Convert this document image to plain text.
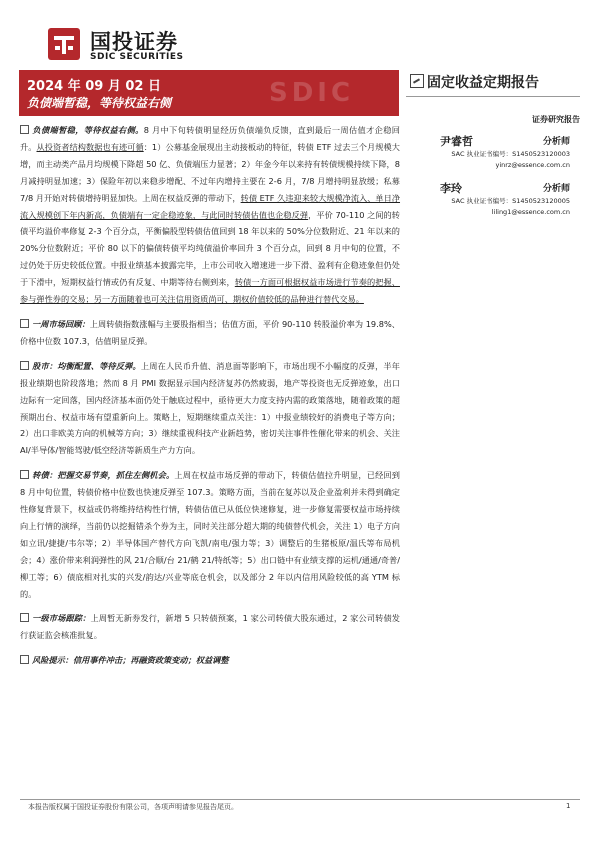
国投证券
SDIC SECURITIES
SDIC
2024 年 09 月 02 日
负债端暂稳，等待权益右侧
固定收益定期报告
证券研究报告
尹睿哲	分析师
SAC 执业证书编号：S1450523120003
yinrz@essence.com.cn
李玲	分析师
SAC 执业证书编号：S1450523120005
liling1@essence.com.cn

负债端暂稳，等待权益右侧。8 月中下旬转债明显经历负债端负反馈，直到最后一周估值才企稳回升。从投资者结构数据也有迹可循：1）公募基金展现出主动接板动的特征，转债 ETF 过去三个月规模大增，而主动类产品月均规模下降超 50 亿、负债端压力显著；2）年金今年以来持有转债规模持续下降，8 月减持明显加速；3）保险年初以来稳步增配、不过年内增持主要在 2-6 月，7/8 月增持明显放缓；私募 7/8 月开始对转债增持明显加快。上周在权益反弹的带动下，转债 ETF 久违迎来较大规模净流入、单日净流入规模创下年内新高，负债端有一定企稳迹象，与此同时转债估值也企稳反弹，平价 70-110 之间的转债平均溢价率修复 2-3 个百分点，平衡偏股型转债估值回到 18 年以来的 50%分位数附近、21 年以来的 20%分位数附近；平价 80 以下的偏债转债平均纯债溢价率回升 3 个百分点，回到 8 月中旬的位置，不过仍处于历史较低位置。中报业绩基本披露完毕，上市公司收入增速进一步下滑、盈利有企稳迹象但仍处于下滑中，短期权益行情或仍有反复、中期等待右侧到来，转债一方面可根据权益市场进行节奏的把握、参与弹性券的交易；另一方面随着也可关注信用资质尚可、期权价值较低的品种进行替代交易。

一周市场回顾：上周转债指数涨幅与主要股指相当；估值方面，平价 90-110 转股溢价率为 19.8%、价格中位数 107.3，估值明显反弹。

股市：均衡配置、等待反弹。上周在人民币升值、消息面等影响下，市场出现不小幅度的反弹，半年报业绩期也阶段落地；然而 8 月 PMI 数据显示国内经济复苏仍然疲弱，地产等投资也无反弹迹象，出口边际有一定回落，国内经济基本面仍处于触底过程中，亟待更大力度支持内需的政策落地，随着政策的超预期出台、权益市场有望重新向上。策略上，短期继续重点关注：1）中报业绩较好的消费电子等方向；2）出口非欧美方向的机械等方向；3）继续重视科技产业新趋势，密切关注事件性催化带来的机会、关注 AI/半导体/智能驾驶/低空经济等新质生产力方向。

转债：把握交易节奏，抓住左侧机会。上周在权益市场反弹的带动下，转债估值拉升明显，已经回到 8 月中旬位置，转债价格中位数也快速反弹至 107.3。策略方面，当前在复苏以及企业盈利并未得到确定性修复背景下，权益或仍将维持结构性行情，转债估值已从低位快速修复，进一步修复需要权益市场持续向上行情的演绎，当前仍以挖掘错杀个券为主，同时关注部分超大期的纯债替代机会，关注 1）电子方向如立讯/捷捷/韦尔等；2）半导体国产替代方向飞凯/南电/强力等；3）调整后的生猪板原/温氏等布局机会；4）涨价带来利润弹性的风 21/合顺/台 21/鹤 21/特纸等；5）出口链中有业绩支撑的运机/通通/奇普/柳工等；6）债底相对扎实的兴发/韵达/兴业等底仓机会，以及部分 2 年以内信用风险较低的高 YTM 标的。

一级市场跟踪：上周暂无新券发行，新增 5 只转债预案，1 家公司转债大股东通过，2 家公司转债发行获证监会核准批复。

风险提示：信用事件冲击；再融资政策变动；权益调整

本报告版权属于国投证券股份有限公司，各项声明请参见报告尾页。	1
